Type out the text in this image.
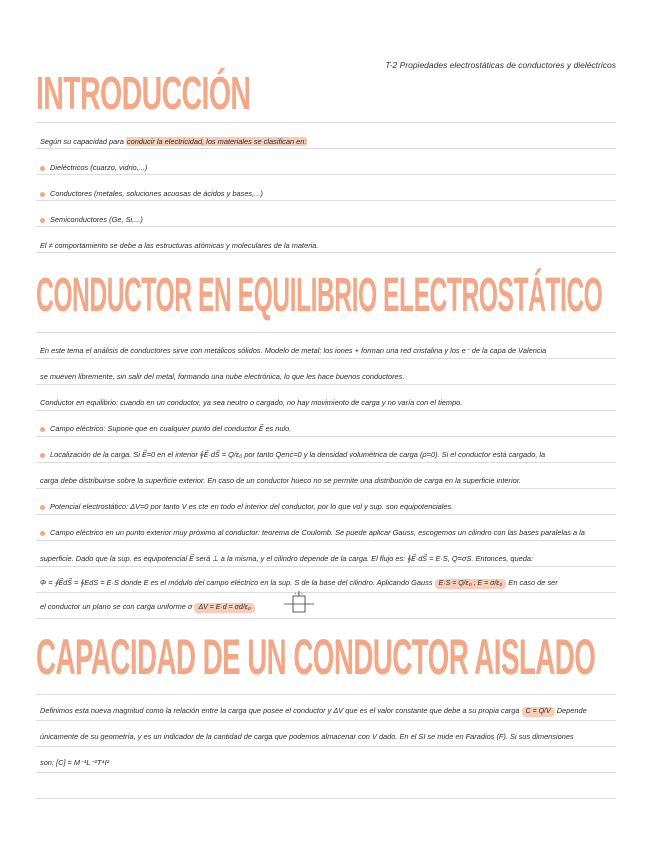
T-2 Propiedades electrostáticas de conductores y dieléctricos
INTRODUCCIÓN
Según su capacidad para conducir la electricidad, los materiales se clasifican en:
Dieléctricos (cuarzo, vidrio,...)
Conductores (metales, soluciones acuosas de ácidos y bases,...)
Semiconductores (Ge, Si,...)
El ≠ comportamiento se debe a las estructuras atómicas y moleculares de la materia.
CONDUCTOR EN EQUILIBRIO ELECTROSTÁTICO
En este tema el análisis de conductores sirve con metálicos sólidos. Modelo de metal: los iones + forman una red cristalina y los e⁻ de la capa de Valencia
se mueven libremente, sin salir del metal, formando una nube electrónica, lo que les hace buenos conductores.
Conductor en equilibrio: cuando en un conductor, ya sea neutro o cargado, no hay movimiento de carga y no varía con el tiempo.
Campo eléctrico: Supone que en cualquier punto del conductor E⃗ es nulo.
Localización de la carga. Si E⃗=0 en el interior ∮E⃗·dS⃗ = Q/ε₀ por tanto Qenc=0 y la densidad volumétrica de carga (ρ=0). Si el conductor está cargado, la
carga debe distribuirse sobre la superficie exterior. En caso de un conductor hueco no se permite una distribución de carga en la superficie interior.
Potencial electrostático: ΔV=0 por tanto V es cte en todo el interior del conductor, por lo que vol y sup. son equipotenciales.
Campo eléctrico en un punto exterior muy próximo al conductor: teorema de Coulomb. Se puede aplicar Gauss, escogemos un cilindro con las bases paralelas a la
superficie. Dado que la sup. es equipotencial E⃗ será ⊥ a la misma, y el cilindro depende de la carga. El flujo es: ∮E⃗·dS⃗ = E·S, Q=σS. Entonces, queda:
Φ = ∮E⃗dS⃗ = ∮EdS = E·S donde E es el módulo del campo eléctrico en la sup. S de la base del cilindro. Aplicando Gauss E·S = Q/ε₀ ; E = σ/ε₀ En caso de ser
el conductor un plano se con carga uniforme σ ΔV = E·d = σd/ε₀
+ + +
CAPACIDAD DE UN CONDUCTOR AISLADO
Definimos esta nueva magnitud como la relación entre la carga que posee el conductor y ΔV que es el valor constante que debe a su propia carga C = Q/V Depende
únicamente de su geometría, y es un indicador de la cantidad de carga que podemos almacenar con V dado. En el SI se mide en Faradios (F). Si sus dimensiones
son: [C] = M⁻¹L⁻²T⁴I²
